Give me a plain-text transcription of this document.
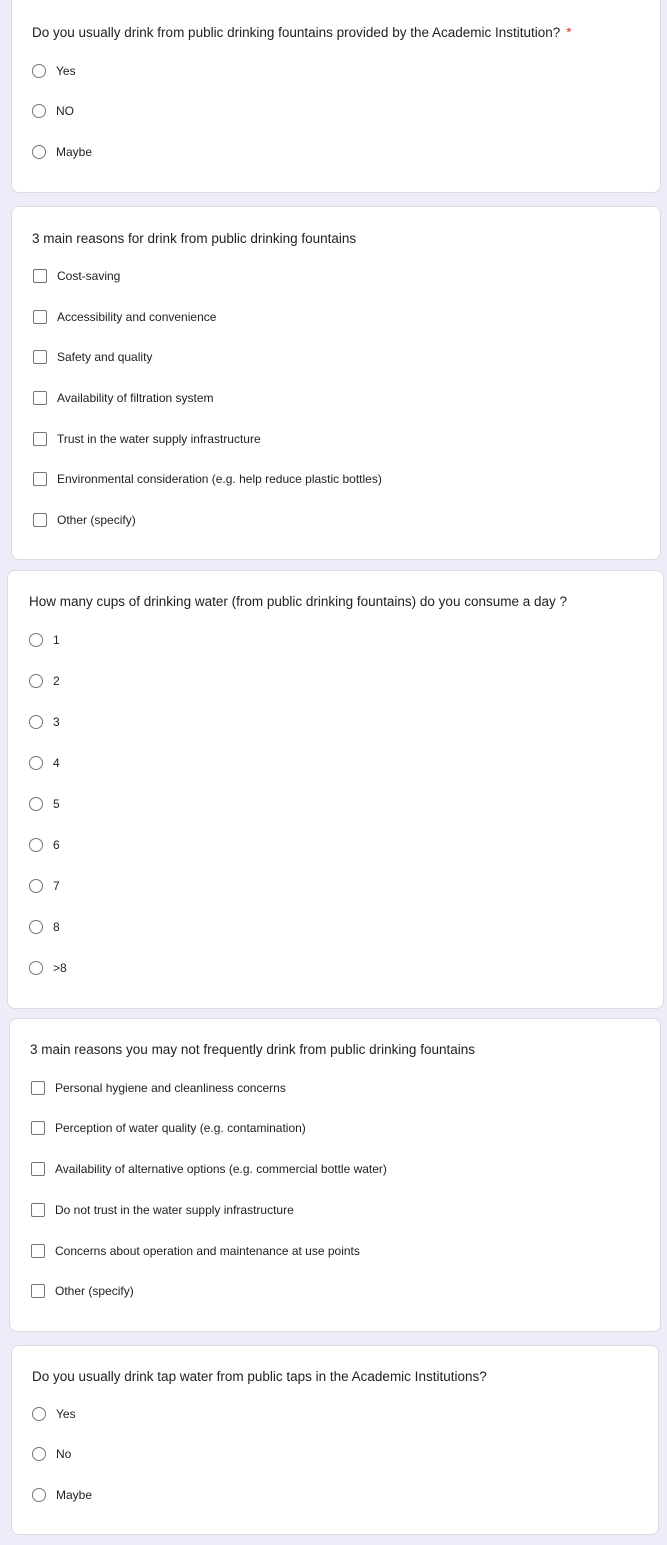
Do you usually drink from public drinking fountains provided by the Academic Institution? *
Yes
NO
Maybe
3 main reasons for drink from public drinking fountains
Cost-saving
Accessibility and convenience
Safety and quality
Availability of filtration system
Trust in the water supply infrastructure
Environmental consideration (e.g. help reduce plastic bottles)
Other (specify)
How many cups of drinking water (from public drinking fountains) do you consume a day ?
1
2
3
4
5
6
7
8
>8
3 main reasons you may not frequently drink from public drinking fountains
Personal hygiene and cleanliness concerns
Perception of water quality (e.g. contamination)
Availability of alternative options (e.g. commercial bottle water)
Do not trust in the water supply infrastructure
Concerns about operation and maintenance at use points
Other (specify)
Do you usually drink tap water from public taps in the Academic Institutions?
Yes
No
Maybe
